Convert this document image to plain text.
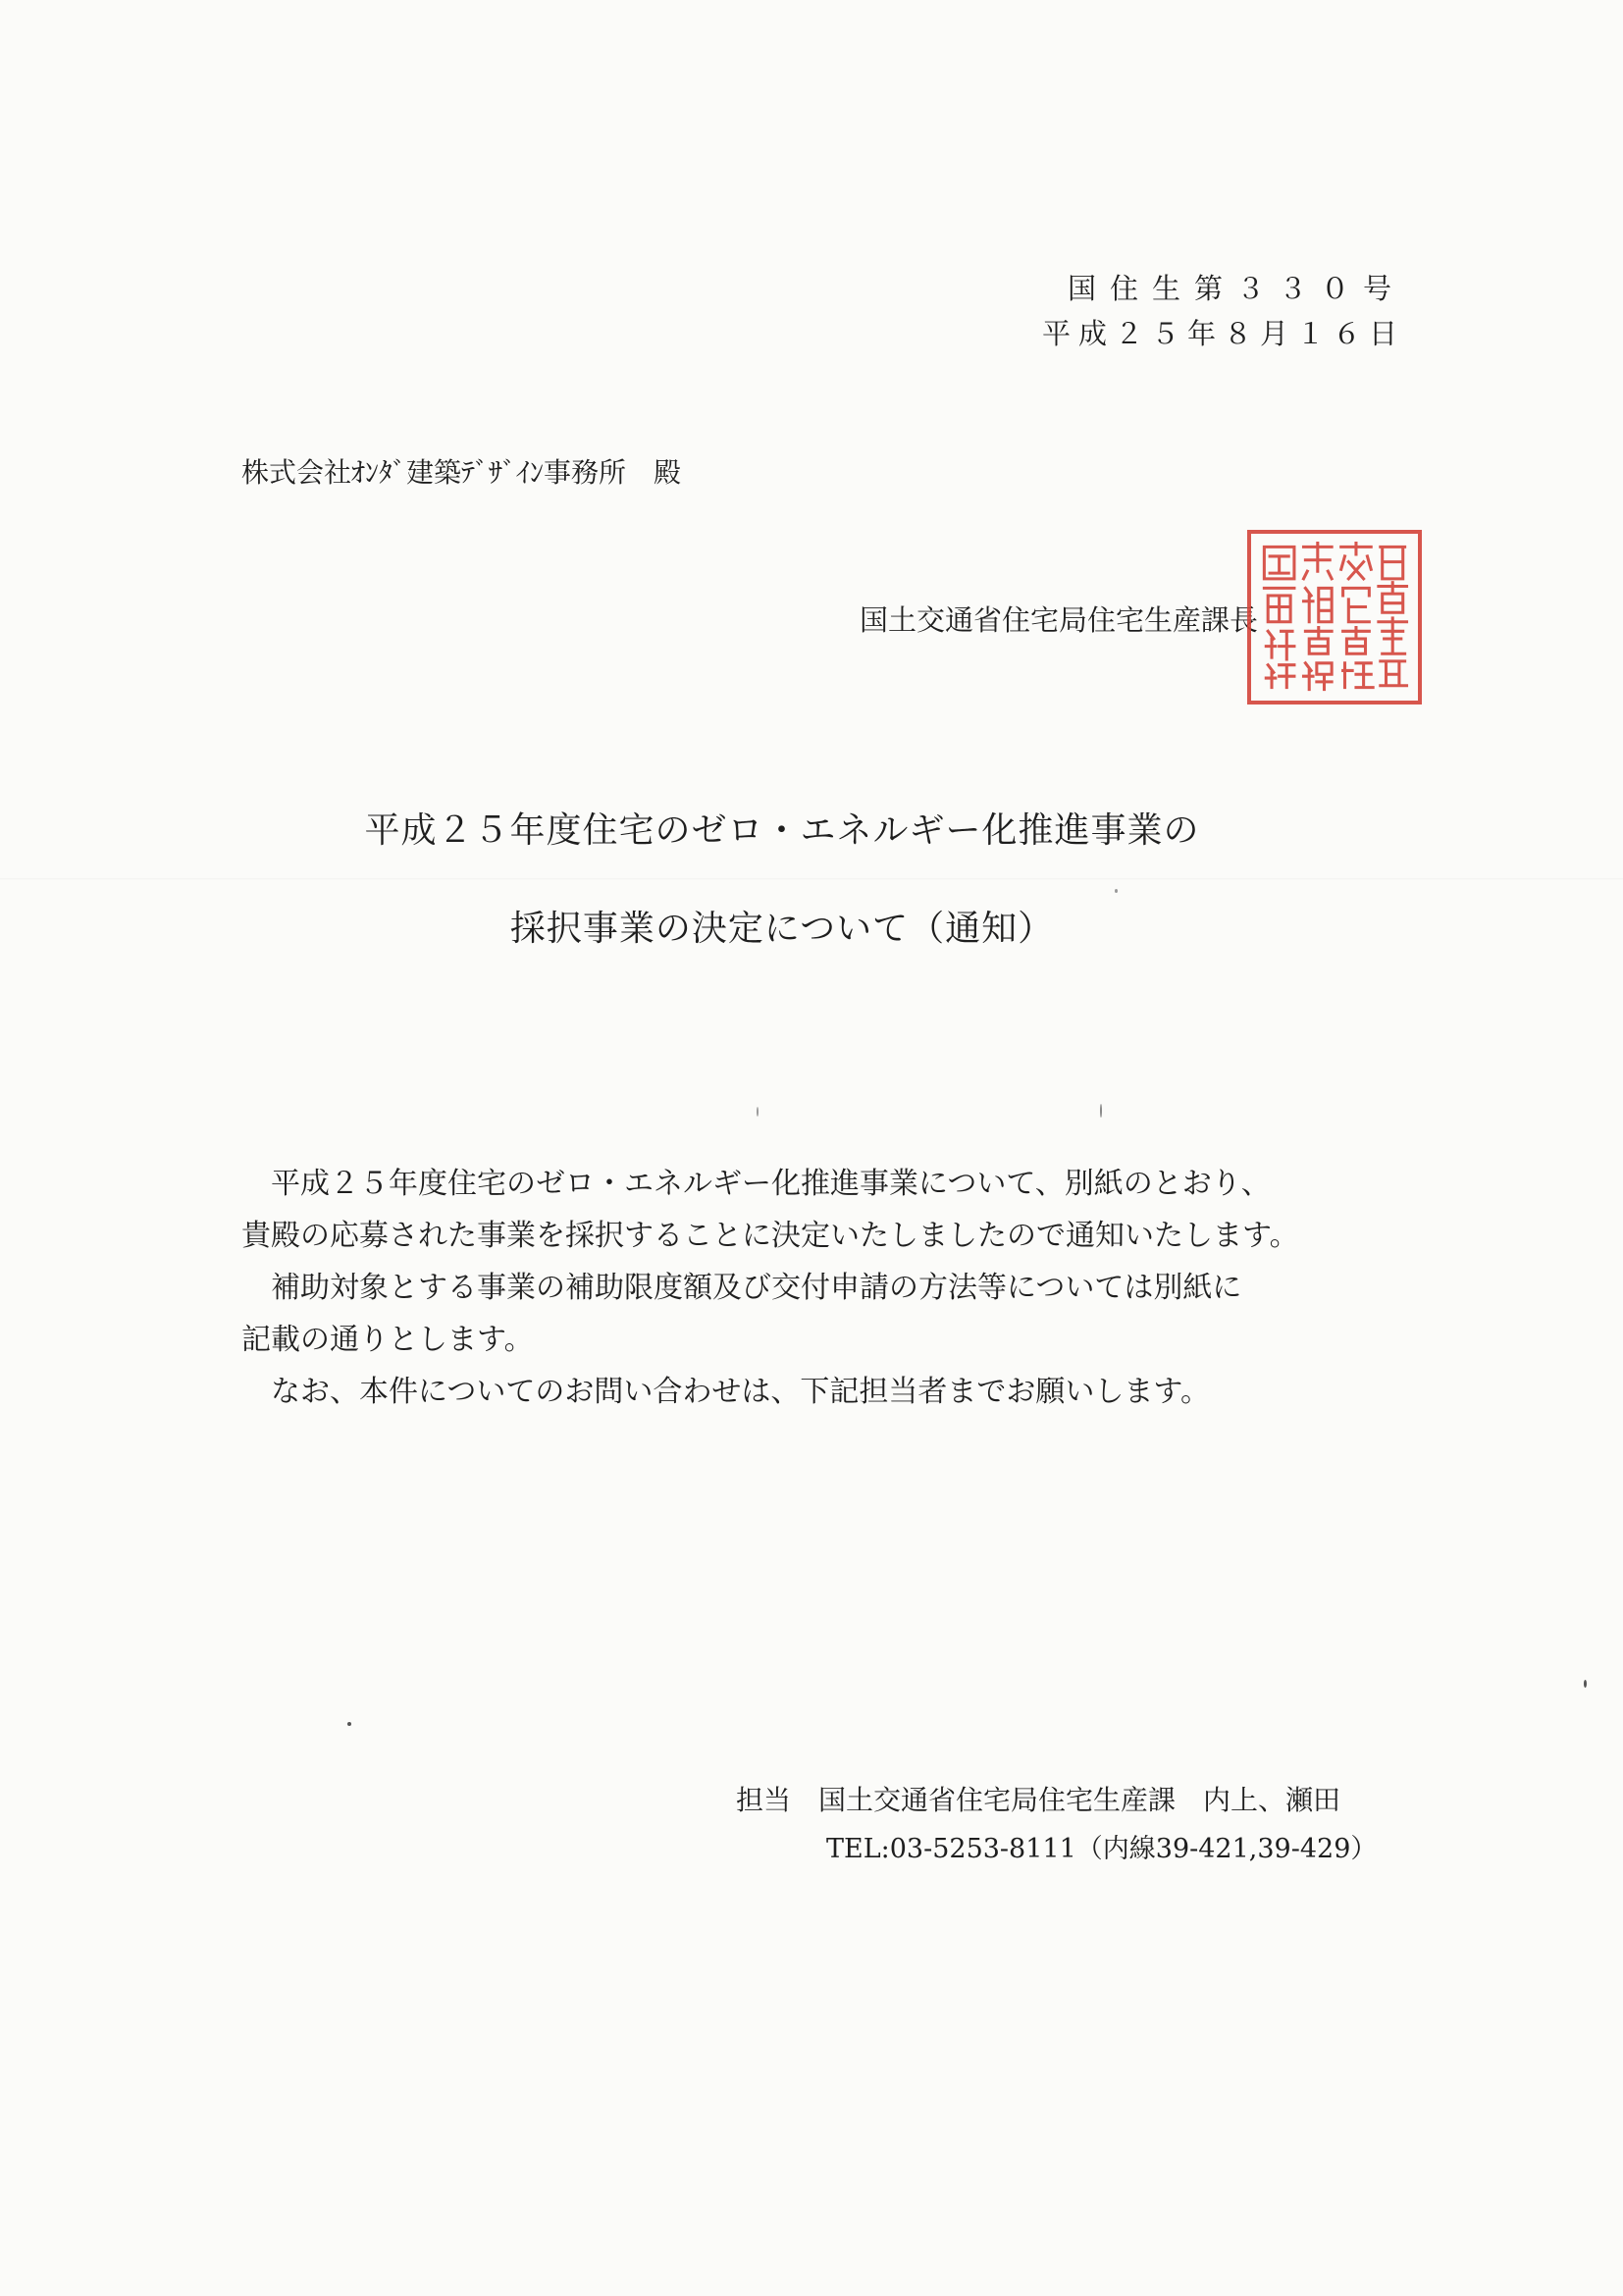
国住生第３３０号
平成２５年８月１６日
株式会社ｵﾝﾀﾞ建築ﾃﾞｻﾞｲﾝ事務所　殿
国土交通省住宅局住宅生産課長
平成２５年度住宅のゼロ・エネルギー化推進事業の
採択事業の決定について（通知）

平成２５年度住宅のゼロ・エネルギー化推進事業について、別紙のとおり、

貴殿の応募された事業を採択することに決定いたしましたので通知いたします。

補助対象とする事業の補助限度額及び交付申請の方法等については別紙に

記載の通りとします。

なお、本件についてのお問い合わせは、下記担当者までお願いします。

担当　国土交通省住宅局住宅生産課　内上、瀬田
TEL:03-5253-8111（内線39-421,39-429）
